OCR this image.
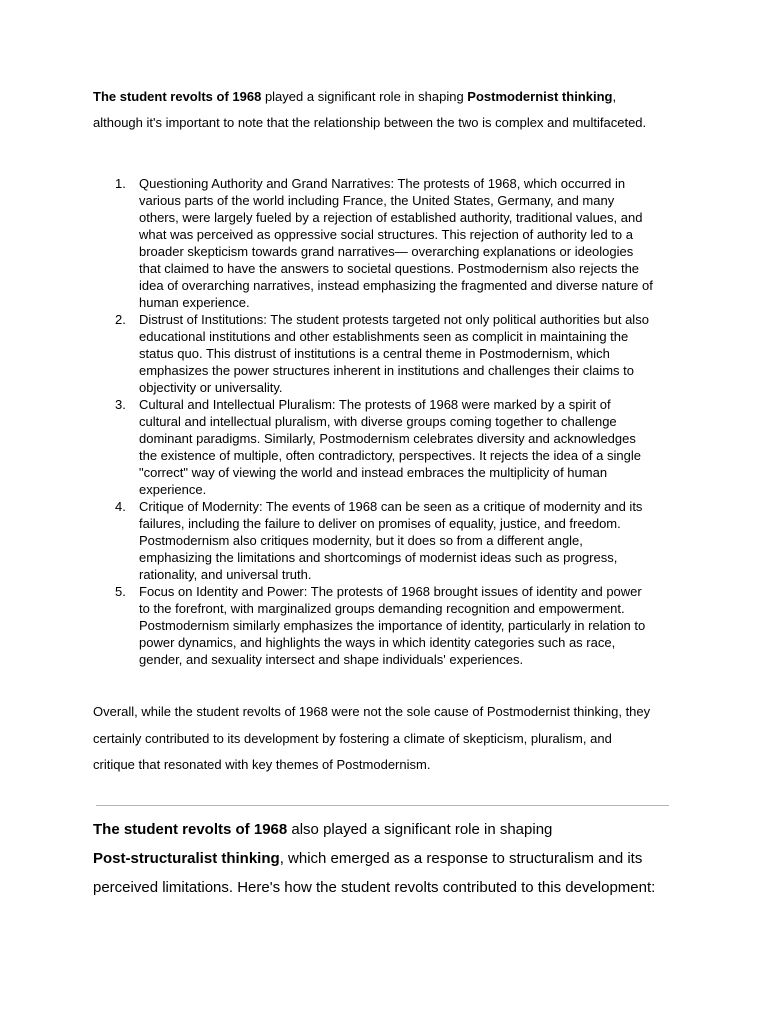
The student revolts of 1968 played a significant role in shaping Postmodernist thinking,
although it's important to note that the relationship between the two is complex and multifaceted.

1. Questioning Authority and Grand Narratives: The protests of 1968, which occurred in
various parts of the world including France, the United States, Germany, and many
others, were largely fueled by a rejection of established authority, traditional values, and
what was perceived as oppressive social structures. This rejection of authority led to a
broader skepticism towards grand narratives— overarching explanations or ideologies
that claimed to have the answers to societal questions. Postmodernism also rejects the
idea of overarching narratives, instead emphasizing the fragmented and diverse nature of
human experience.
2. Distrust of Institutions: The student protests targeted not only political authorities but also
educational institutions and other establishments seen as complicit in maintaining the
status quo. This distrust of institutions is a central theme in Postmodernism, which
emphasizes the power structures inherent in institutions and challenges their claims to
objectivity or universality.
3. Cultural and Intellectual Pluralism: The protests of 1968 were marked by a spirit of
cultural and intellectual pluralism, with diverse groups coming together to challenge
dominant paradigms. Similarly, Postmodernism celebrates diversity and acknowledges
the existence of multiple, often contradictory, perspectives. It rejects the idea of a single
"correct" way of viewing the world and instead embraces the multiplicity of human
experience.
4. Critique of Modernity: The events of 1968 can be seen as a critique of modernity and its
failures, including the failure to deliver on promises of equality, justice, and freedom.
Postmodernism also critiques modernity, but it does so from a different angle,
emphasizing the limitations and shortcomings of modernist ideas such as progress,
rationality, and universal truth.
5. Focus on Identity and Power: The protests of 1968 brought issues of identity and power
to the forefront, with marginalized groups demanding recognition and empowerment.
Postmodernism similarly emphasizes the importance of identity, particularly in relation to
power dynamics, and highlights the ways in which identity categories such as race,
gender, and sexuality intersect and shape individuals' experiences.

Overall, while the student revolts of 1968 were not the sole cause of Postmodernist thinking, they
certainly contributed to its development by fostering a climate of skepticism, pluralism, and
critique that resonated with key themes of Postmodernism.

The student revolts of 1968 also played a significant role in shaping
Post-structuralist thinking, which emerged as a response to structuralism and its
perceived limitations. Here's how the student revolts contributed to this development:
